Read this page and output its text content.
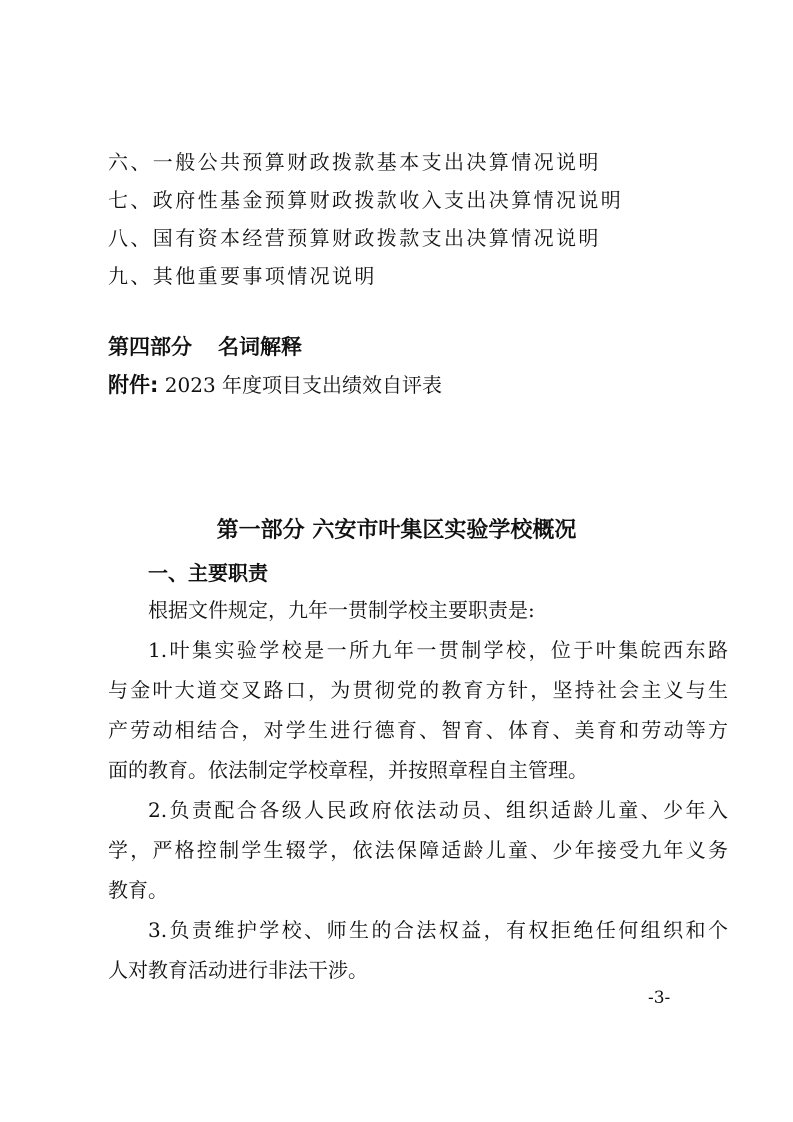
六、一般公共预算财政拨款基本支出决算情况说明
七、政府性基金预算财政拨款收入支出决算情况说明
八、国有资本经营预算财政拨款支出决算情况说明
九、其他重要事项情况说明
第四部分 名词解释
附件: 2023 年度项目支出绩效自评表
第一部分 六安市叶集区实验学校概况
一、主要职责
根据文件规定，九年一贯制学校主要职责是:
1.叶集实验学校是一所九年一贯制学校，位于叶集皖西东路
与金叶大道交叉路口，为贯彻党的教育方针，坚持社会主义与生
产劳动相结合，对学生进行德育、智育、体育、美育和劳动等方
面的教育。依法制定学校章程，并按照章程自主管理。
2.负责配合各级人民政府依法动员、组织适龄儿童、少年入
学，严格控制学生辍学，依法保障适龄儿童、少年接受九年义务
教育。
3.负责维护学校、师生的合法权益，有权拒绝任何组织和个
人对教育活动进行非法干涉。
-3-
